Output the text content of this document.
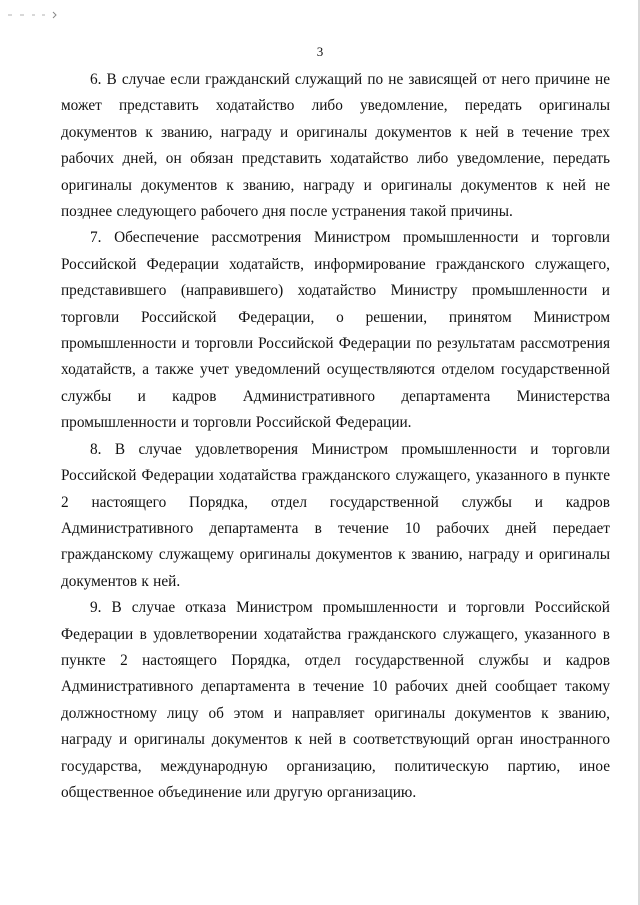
3

6. В случае если гражданский служащий по не зависящей от него причине не может представить ходатайство либо уведомление, передать оригиналы документов к званию, награду и оригиналы документов к ней в течение трех рабочих дней, он обязан представить ходатайство либо уведомление, передать оригиналы документов к званию, награду и оригиналы документов к ней не позднее следующего рабочего дня после устранения такой причины.

7. Обеспечение рассмотрения Министром промышленности и торговли Российской Федерации ходатайств, информирование гражданского служащего, представившего (направившего) ходатайство Министру промышленности и торговли Российской Федерации, о решении, принятом Министром промышленности и торговли Российской Федерации по результатам рассмотрения ходатайств, а также учет уведомлений осуществляются отделом государственной службы и кадров Административного департамента Министерства промышленности и торговли Российской Федерации.

8. В случае удовлетворения Министром промышленности и торговли Российской Федерации ходатайства гражданского служащего, указанного в пункте 2 настоящего Порядка, отдел государственной службы и кадров Административного департамента в течение 10 рабочих дней передает гражданскому служащему оригиналы документов к званию, награду и оригиналы документов к ней.

9. В случае отказа Министром промышленности и торговли Российской Федерации в удовлетворении ходатайства гражданского служащего, указанного в пункте 2 настоящего Порядка, отдел государственной службы и кадров Административного департамента в течение 10 рабочих дней сообщает такому должностному лицу об этом и направляет оригиналы документов к званию, награду и оригиналы документов к ней в соответствующий орган иностранного государства, международную организацию, политическую партию, иное общественное объединение или другую организацию.
